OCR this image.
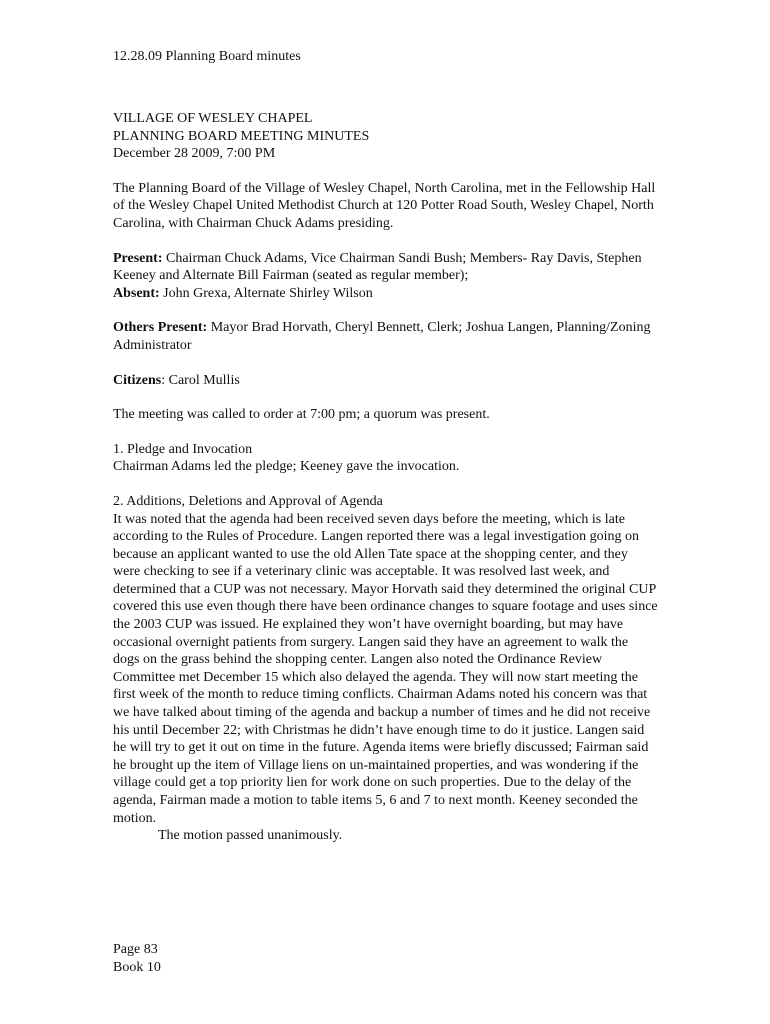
12.28.09 Planning Board minutes

VILLAGE OF WESLEY CHAPEL

PLANNING BOARD MEETING MINUTES

December 28 2009, 7:00 PM

The Planning Board of the Village of Wesley Chapel, North Carolina, met in the Fellowship Hall of the Wesley Chapel United Methodist Church at 120 Potter Road South, Wesley Chapel, North Carolina, with Chairman Chuck Adams presiding.

Present: Chairman Chuck Adams, Vice Chairman Sandi Bush; Members- Ray Davis, Stephen Keeney and Alternate Bill Fairman (seated as regular member);

Absent: John Grexa, Alternate Shirley Wilson

Others Present: Mayor Brad Horvath, Cheryl Bennett, Clerk; Joshua Langen, Planning/Zoning Administrator

Citizens: Carol Mullis

The meeting was called to order at 7:00 pm; a quorum was present.

1. Pledge and Invocation

Chairman Adams led the pledge; Keeney gave the invocation.

2. Additions, Deletions and Approval of Agenda

It was noted that the agenda had been received seven days before the meeting, which is late according to the Rules of Procedure. Langen reported there was a legal investigation going on because an applicant wanted to use the old Allen Tate space at the shopping center, and they were checking to see if a veterinary clinic was acceptable. It was resolved last week, and determined that a CUP was not necessary. Mayor Horvath said they determined the original CUP covered this use even though there have been ordinance changes to square footage and uses since the 2003 CUP was issued. He explained they won’t have overnight boarding, but may have occasional overnight patients from surgery. Langen said they have an agreement to walk the dogs on the grass behind the shopping center. Langen also noted the Ordinance Review Committee met December 15 which also delayed the agenda. They will now start meeting the first week of the month to reduce timing conflicts. Chairman Adams noted his concern was that we have talked about timing of the agenda and backup a number of times and he did not receive his until December 22; with Christmas he didn’t have enough time to do it justice. Langen said he will try to get it out on time in the future. Agenda items were briefly discussed; Fairman said he brought up the item of Village liens on un-maintained properties, and was wondering if the village could get a top priority lien for work done on such properties. Due to the delay of the agenda, Fairman made a motion to table items 5, 6 and 7 to next month. Keeney seconded the motion.

The motion passed unanimously.

Page 83

Book 10
